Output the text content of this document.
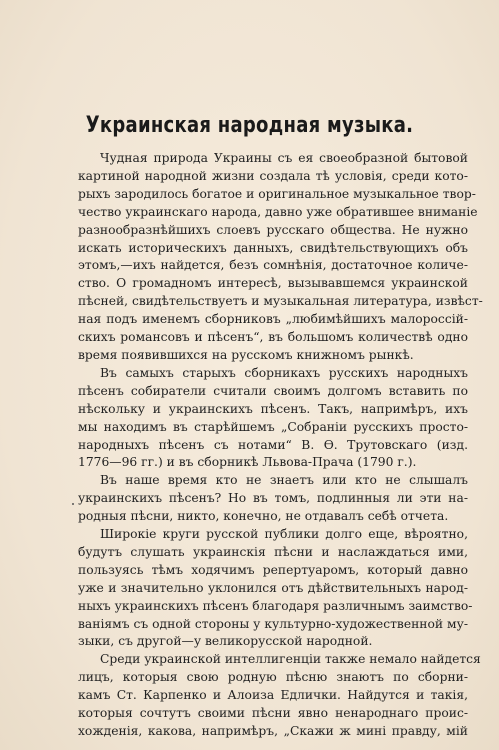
Украинская народная музыка.
Чудная природа Украины съ ея своеобразной бытовой
картиной народной жизни создала тѣ условія, среди кото-
рыхъ зародилось богатое и оригинальное музыкальное твор-
чество украинскаго народа, давно уже обратившее вниманіе
разнообразнѣйшихъ слоевъ русскаго общества. Не нужно
искать историческихъ данныхъ, свидѣтельствующихъ объ
этомъ,—ихъ найдется, безъ сомнѣнія, достаточное количе-
ство. О громадномъ интересѣ, вызывавшемся украинской
пѣсней, свидѣтельствуетъ и музыкальная литература, извѣст-
ная подъ именемъ сборниковъ „любимѣйшихъ малороссій-
скихъ романсовъ и пѣсенъ“, въ большомъ количествѣ одно
время появившихся на русскомъ книжномъ рынкѣ.
Въ самыхъ старыхъ сборникахъ русскихъ народныхъ
пѣсенъ собиратели считали своимъ долгомъ вставить по
нѣскольку и украинскихъ пѣсенъ. Такъ, напримѣръ, ихъ
мы находимъ въ старѣйшемъ „Собраніи русскихъ просто-
народныхъ пѣсенъ съ нотами“ В. Ѳ. Трутовскаго (изд.
1776—96 гг.) и въ сборникѣ Львова-Прача (1790 г.).
Въ наше время кто не знаетъ или кто не слышалъ
украинскихъ пѣсенъ? Но въ томъ, подлинныя ли эти на-
родныя пѣсни, никто, конечно, не отдавалъ себѣ отчета.
Широкіе круги русской публики долго еще, вѣроятно,
будутъ слушать украинскія пѣсни и наслаждаться ими,
пользуясь тѣмъ ходячимъ репертуаромъ, который давно
уже и значительно уклонился отъ дѣйствительныхъ народ-
ныхъ украинскихъ пѣсенъ благодаря различнымъ заимство-
ваніямъ съ одной стороны у культурно-художественной му-
зыки, съ другой—у великорусской народной.
Среди украинской интеллигенціи также немало найдется
лицъ, которыя свою родную пѣсню знаютъ по сборни-
камъ Ст. Карпенко и Алоиза Едлички. Найдутся и такія,
которыя сочтутъ своими пѣсни явно ненароднаго проис-
хожденія, какова, напримѣръ, „Скажи ж мині правду, мій
